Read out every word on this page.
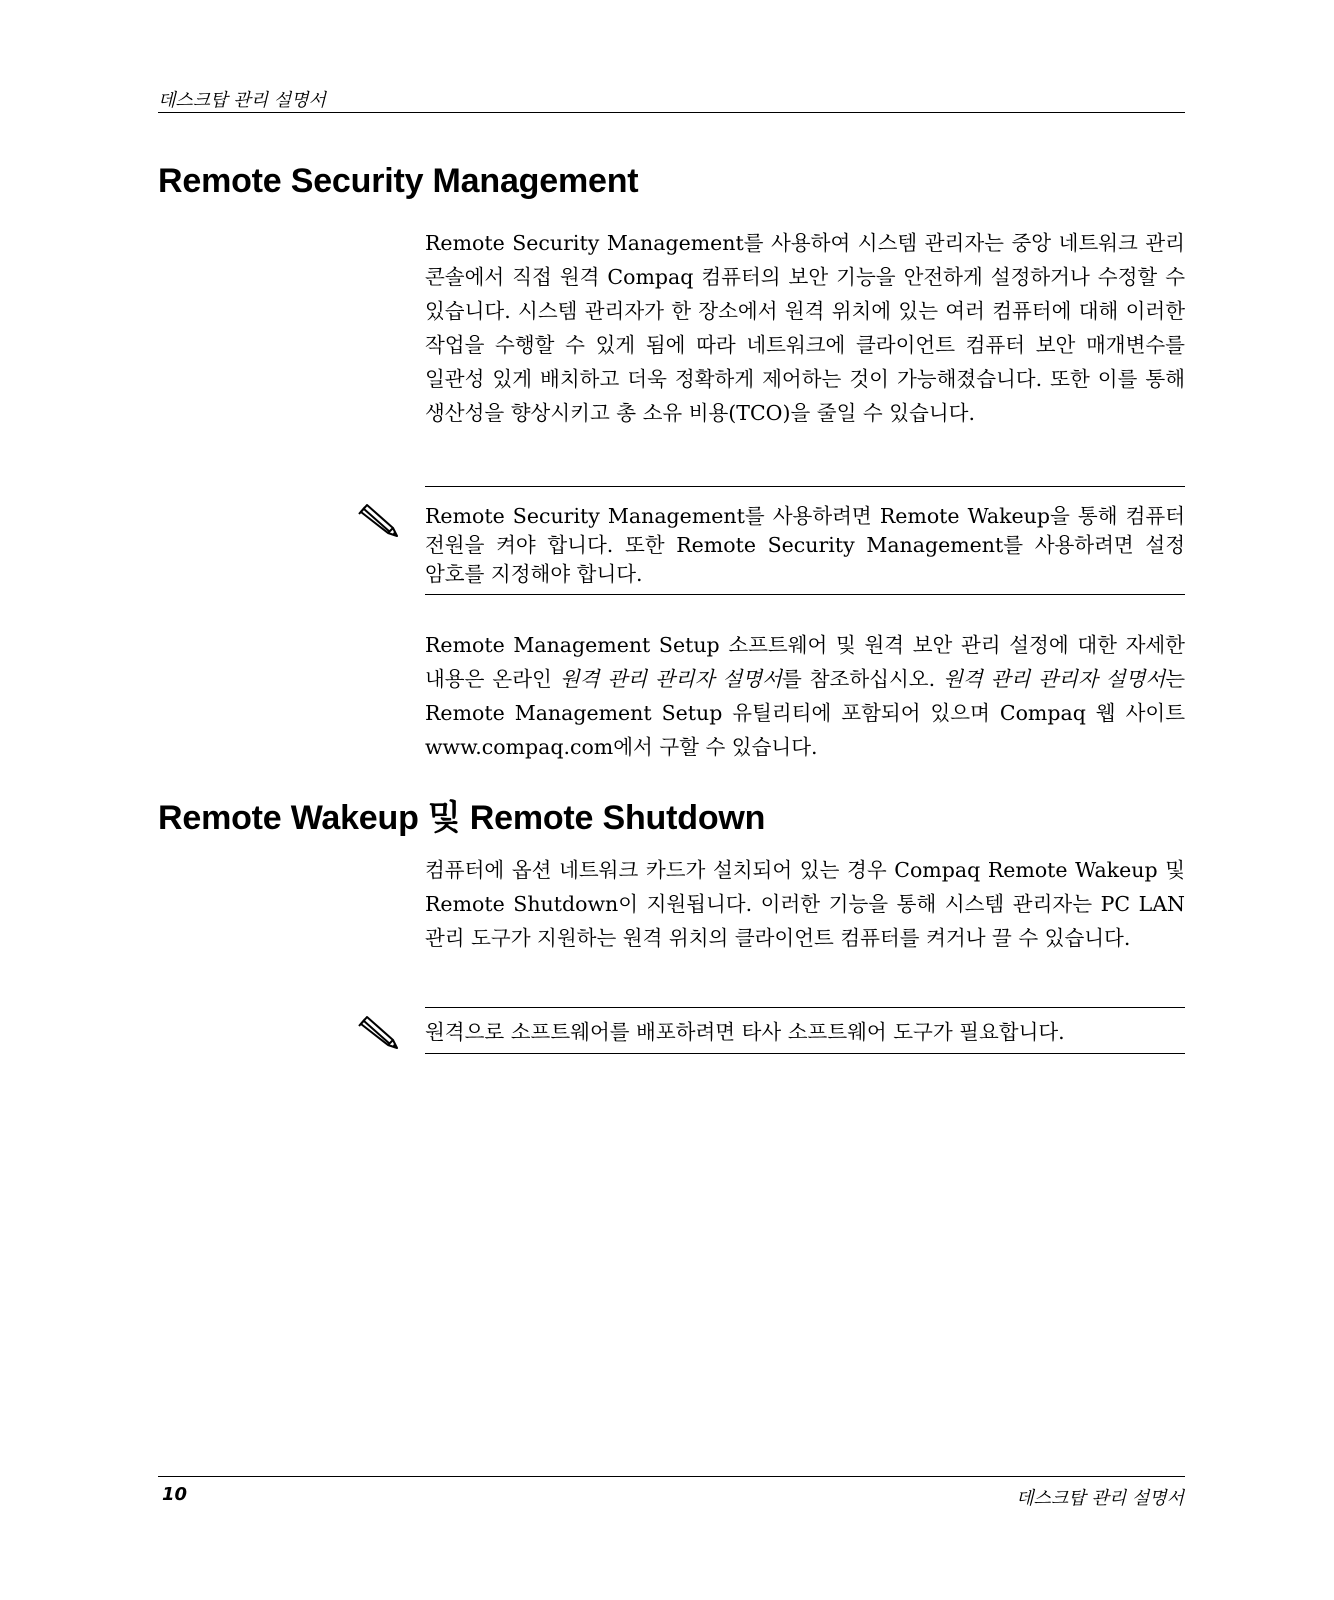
데스크탑 관리 설명서
Remote Security Management

Remote Security Management를 사용하여 시스템 관리자는 중앙 네트워크 관리 콘솔에서 직접 원격 Compaq 컴퓨터의 보안 기능을 안전하게 설정하거나 수정할 수 있습니다. 시스템 관리자가 한 장소에서 원격 위치에 있는 여러 컴퓨터에 대해 이러한 작업을 수행할 수 있게 됨에 따라 네트워크에 클라이언트 컴퓨터 보안 매개변수를 일관성 있게 배치하고 더욱 정확하게 제어하는 것이 가능해졌습니다. 또한 이를 통해 생산성을 향상시키고 총 소유 비용(TCO)을 줄일 수 있습니다.

Remote Security Management를 사용하려면 Remote Wakeup을 통해 컴퓨터 전원을 켜야 합니다. 또한 Remote Security Management를 사용하려면 설정 암호를 지정해야 합니다.

Remote Management Setup 소프트웨어 및 원격 보안 관리 설정에 대한 자세한 내용은 온라인 원격 관리 관리자 설명서를 참조하십시오. 원격 관리 관리자 설명서는 Remote Management Setup 유틸리티에 포함되어 있으며 Compaq 웹 사이트 www.compaq.com에서 구할 수 있습니다.

Remote Wakeup 및 Remote Shutdown

컴퓨터에 옵션 네트워크 카드가 설치되어 있는 경우 Compaq Remote Wakeup 및 Remote Shutdown이 지원됩니다. 이러한 기능을 통해 시스템 관리자는 PC LAN 관리 도구가 지원하는 원격 위치의 클라이언트 컴퓨터를 켜거나 끌 수 있습니다.

원격으로 소프트웨어를 배포하려면 타사 소프트웨어 도구가 필요합니다.

10	데스크탑 관리 설명서
